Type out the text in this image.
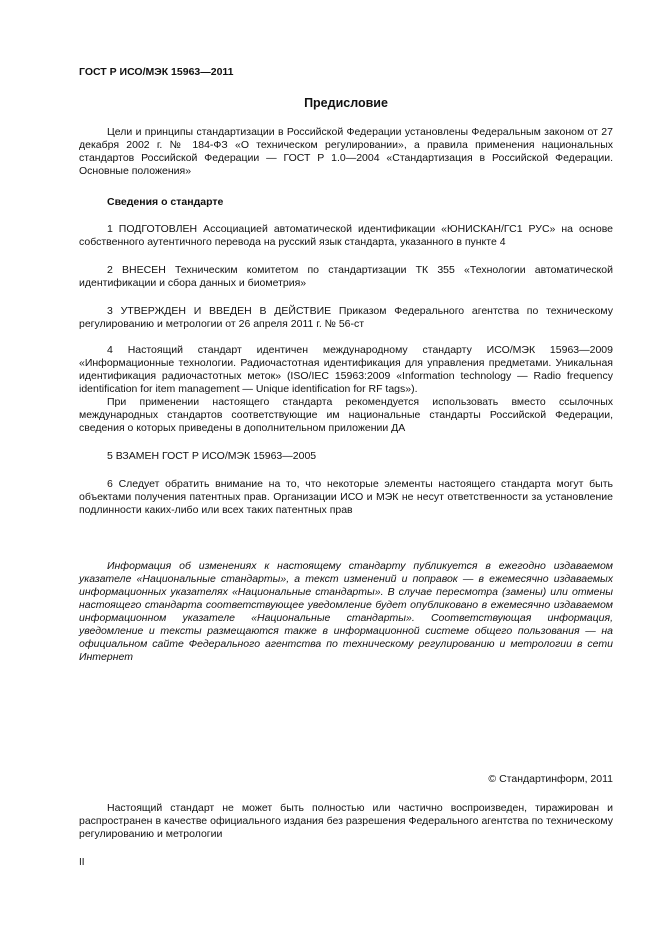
ГОСТ Р ИСО/МЭК 15963—2011
Предисловие

Цели и принципы стандартизации в Российской Федерации установлены Федеральным законом от 27 декабря 2002 г. № 184-ФЗ «О техническом регулировании», а правила применения национальных стандартов Российской Федерации — ГОСТ Р 1.0—2004 «Стандартизация в Российской Федерации. Основные положения»

Сведения о стандарте

1 ПОДГОТОВЛЕН Ассоциацией автоматической идентификации «ЮНИСКАН/ГС1 РУС» на основе собственного аутентичного перевода на русский язык стандарта, указанного в пункте 4

2 ВНЕСЕН Техническим комитетом по стандартизации ТК 355 «Технологии автоматической идентификации и сбора данных и биометрия»

3 УТВЕРЖДЕН И ВВЕДЕН В ДЕЙСТВИЕ Приказом Федерального агентства по техническому регулированию и метрологии от 26 апреля 2011 г. № 56-ст

4 Настоящий стандарт идентичен международному стандарту ИСО/МЭК 15963—2009 «Информационные технологии. Радиочастотная идентификация для управления предметами. Уникальная идентификация радиочастотных меток» (ISO/IEC 15963:2009 «Information technology — Radio frequency identification for item management — Unique identification for RF tags»).

При применении настоящего стандарта рекомендуется использовать вместо ссылочных международных стандартов соответствующие им национальные стандарты Российской Федерации, сведения о которых приведены в дополнительном приложении ДА

5 ВЗАМЕН ГОСТ Р ИСО/МЭК 15963—2005

6 Следует обратить внимание на то, что некоторые элементы настоящего стандарта могут быть объектами получения патентных прав. Организации ИСО и МЭК не несут ответственности за установление подлинности каких-либо или всех таких патентных прав

Информация об изменениях к настоящему стандарту публикуется в ежегодно издаваемом указателе «Национальные стандарты», а текст изменений и поправок — в ежемесячно издаваемых информационных указателях «Национальные стандарты». В случае пересмотра (замены) или отмены настоящего стандарта соответствующее уведомление будет опубликовано в ежемесячно издаваемом информационном указателе «Национальные стандарты». Соответствующая информация, уведомление и тексты размещаются также в информационной системе общего пользования — на официальном сайте Федерального агентства по техническому регулированию и метрологии в сети Интернет

© Стандартинформ, 2011

Настоящий стандарт не может быть полностью или частично воспроизведен, тиражирован и распространен в качестве официального издания без разрешения Федерального агентства по техническому регулированию и метрологии

II
